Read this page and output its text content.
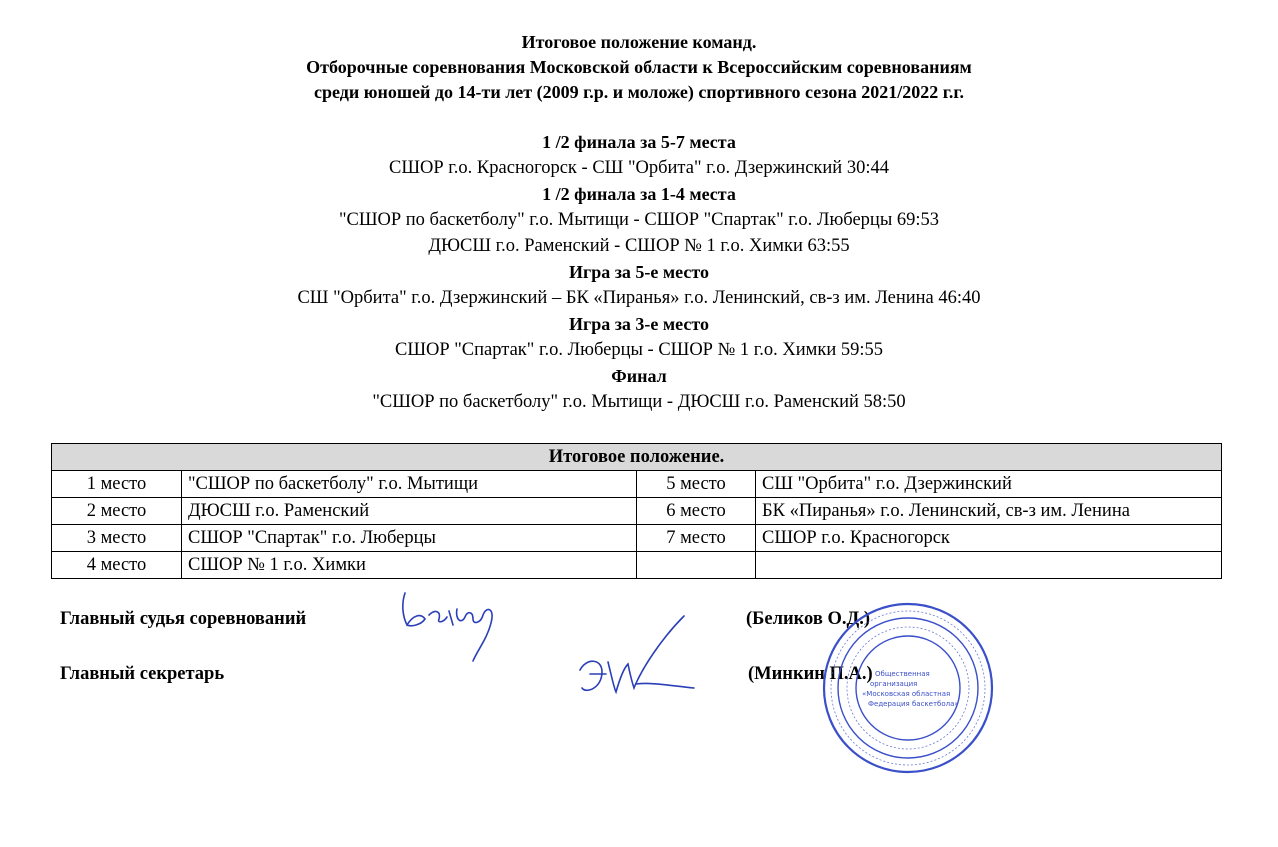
Итоговое положение команд.
Отборочные соревнования Московской области к Всероссийским соревнованиям
среди юношей до 14-ти лет (2009 г.р. и моложе) спортивного сезона 2021/2022 г.г.
1 /2 финала за 5-7 места
СШОР г.о. Красногорск - СШ "Орбита" г.о. Дзержинский 30:44
1 /2 финала за 1-4 места
"СШОР по баскетболу" г.о. Мытищи - СШОР "Спартак" г.о. Люберцы 69:53
ДЮСШ г.о. Раменский - СШОР № 1 г.о. Химки 63:55
Игра за 5-е место
СШ "Орбита" г.о. Дзержинский – БК «Пиранья» г.о. Ленинский, св-з им. Ленина 46:40
Игра за 3-е место
СШОР "Спартак" г.о. Люберцы - СШОР № 1 г.о. Химки 59:55
Финал
"СШОР по баскетболу" г.о. Мытищи - ДЮСШ г.о. Раменский 58:50
Итоговое положение.			
1 место	"СШОР по баскетболу" г.о. Мытищи	5 место	СШ "Орбита" г.о. Дзержинский
2 место	ДЮСШ г.о. Раменский	6 место	БК «Пиранья» г.о. Ленинский, св-з им. Ленина
3 место	СШОР "Спартак" г.о. Люберцы	7 место	СШОР г.о. Красногорск
4 место	СШОР № 1 г.о. Химки		
Главный судья соревнований	(Беликов О.Д.)
Главный секретарь	(Минкин П.А.) Общественная
организация
«Московская областная
Федерация баскетбола»
